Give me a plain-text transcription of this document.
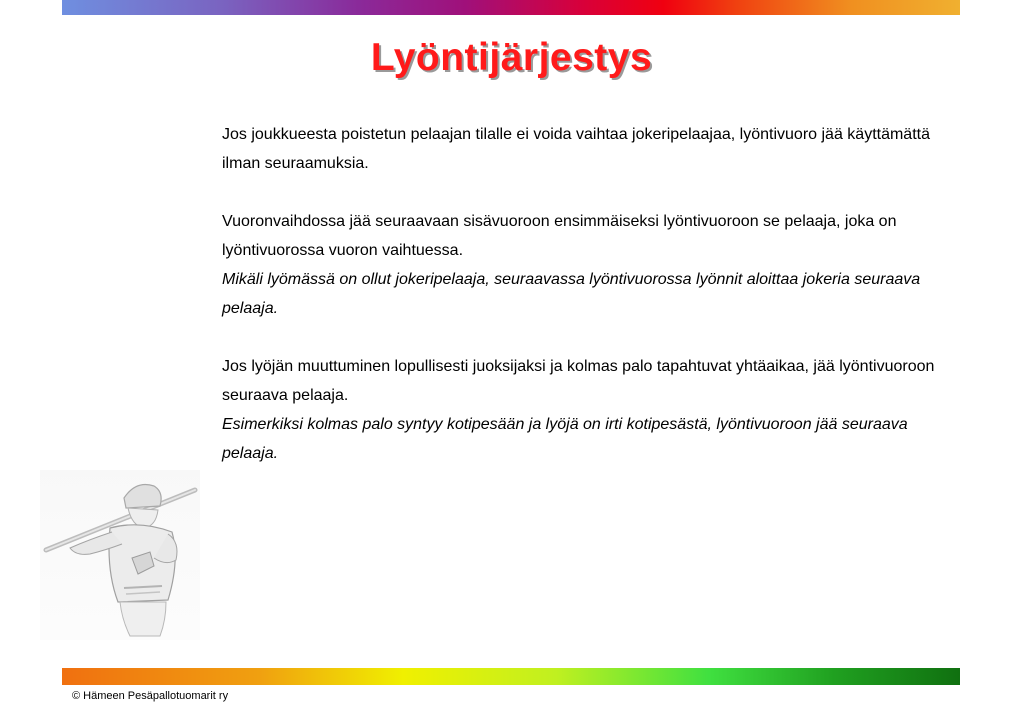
Lyöntijärjestys

Jos joukkueesta poistetun pelaajan tilalle ei voida vaihtaa jokeripelaajaa, lyöntivuoro jää käyttämättä ilman seuraamuksia.

Vuoronvaihdossa jää seuraavaan sisävuoroon ensimmäiseksi lyöntivuoroon se pelaaja, joka on lyöntivuorossa vuoron vaihtuessa.

Mikäli lyömässä on ollut jokeripelaaja, seuraavassa lyöntivuorossa lyönnit aloittaa jokeria seuraava pelaaja.

Jos lyöjän muuttuminen lopullisesti juoksijaksi ja kolmas palo tapahtuvat yhtäaikaa, jää lyöntivuoroon seuraava pelaaja.

Esimerkiksi kolmas palo syntyy kotipesään ja lyöjä on irti kotipesästä, lyöntivuoroon jää seuraava pelaaja.

© Hämeen Pesäpallotuomarit ry
